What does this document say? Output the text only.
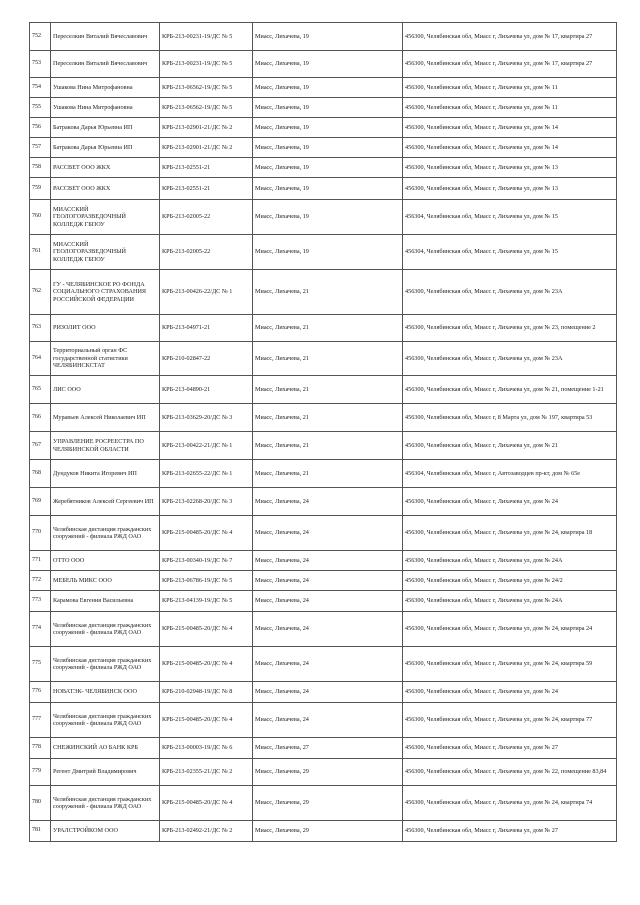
752	Переселкин Виталий Вячеславович	КРБ-213-00231-19/ДС № 5	Миасс, Лихачева, 19	456300, Челябинская обл, Миасс г, Лихачева ул, дом № 17, квартира 27
753	Переселкин Виталий Вячеславович	КРБ-213-00231-19/ДС № 5	Миасс, Лихачева, 19	456300, Челябинская обл, Миасс г, Лихачева ул, дом № 17, квартира 27
754	Ушакова Нина Митрофановна	КРБ-213-06562-19/ДС № 5	Миасс, Лихачева, 19	456300, Челябинская обл, Миасс г, Лихачева ул, дом № 11
755	Ушакова Нина Митрофановна	КРБ-213-06562-19/ДС № 5	Миасс, Лихачева, 19	456300, Челябинская обл, Миасс г, Лихачева ул, дом № 11
756	Батракова Дарья Юрьевна ИП	КРБ-213-02901-21/ДС № 2	Миасс, Лихачева, 19	456300, Челябинская обл, Миасс г, Лихачева ул, дом № 14
757	Батракова Дарья Юрьевна ИП	КРБ-213-02901-21/ДС № 2	Миасс, Лихачева, 19	456300, Челябинская обл, Миасс г, Лихачева ул, дом № 14
758	РАССВЕТ ООО ЖКХ	КРБ-213-02551-21	Миасс, Лихачева, 19	456300, Челябинская обл, Миасс г, Лихачева ул, дом № 13
759	РАССВЕТ ООО ЖКХ	КРБ-213-02551-21	Миасс, Лихачева, 19	456300, Челябинская обл, Миасс г, Лихачева ул, дом № 13
760	МИАССКИЙ ГЕОЛОГОРАЗВЕДОЧНЫЙ КОЛЛЕДЖ ГБПОУ	КРБ-213-02005-22	Миасс, Лихачева, 19	456304, Челябинская обл, Миасс г, Лихачева ул, дом № 15
761	МИАССКИЙ ГЕОЛОГОРАЗВЕДОЧНЫЙ КОЛЛЕДЖ ГБПОУ	КРБ-213-02005-22	Миасс, Лихачева, 19	456304, Челябинская обл, Миасс г, Лихачева ул, дом № 15
762	ГУ - ЧЕЛЯБИНСКОЕ РО ФОНДА СОЦИАЛЬНОГО СТРАХОВАНИЯ РОССИЙСКОЙ ФЕДЕРАЦИИ	КРБ-213-00426-22/ДС № 1	Миасс, Лихачева, 21	456300, Челябинская обл, Миасс г, Лихачева ул, дом № 23А
763	РИЗОЛИТ ООО	КРБ-213-04971-21	Миасс, Лихачева, 21	456300, Челябинская обл, Миасс г, Лихачева ул, дом № 23, помещение 2
764	Территориальный орган ФС государственной статистики ЧЕЛЯБИНСКСТАТ	КРБ-210-02847-22	Миасс, Лихачева, 21	456300, Челябинская обл, Миасс г, Лихачева ул, дом № 23А
765	ЛИС ООО	КРБ-213-04890-21	Миасс, Лихачева, 21	456300, Челябинская обл, Миасс г, Лихачева ул, дом № 21, помещение 1-21
766	Муравьев Алексей Николаевич ИП	КРБ-213-03629-20/ДС № 3	Миасс, Лихачева, 21	456300, Челябинская обл, Миасс г, 8 Марта ул, дом № 197, квартира 53
767	УПРАВЛЕНИЕ РОСРЕЕСТРА ПО ЧЕЛЯБИНСКОЙ ОБЛАСТИ	КРБ-213-00422-21/ДС № 1	Миасс, Лихачева, 21	456300, Челябинская обл, Миасс г, Лихачева ул, дом № 21
768	Дундуков Никита Игоревич ИП	КРБ-213-02655-22/ДС № 1	Миасс, Лихачева, 21	456304, Челябинская обл, Миасс г, Автозаводцев пр-кт, дом № 65е
769	Жеребятников Алексей Сергеевич ИП	КРБ-213-02268-20/ДС № 3	Миасс, Лихачева, 24	456300, Челябинская обл, Миасс г, Лихачева ул, дом № 24
770	Челябинская дистанция гражданских сооружений - филиала РЖД ОАО	КРБ-215-00485-20/ДС № 4	Миасс, Лихачева, 24	456300, Челябинская обл, Миасс г, Лихачева ул, дом № 24, квартира 18
771	ОТТО ООО	КРБ-213-00340-19/ДС № 7	Миасс, Лихачева, 24	456300, Челябинская обл, Миасс г, Лихачева ул, дом № 24А
772	МЕБЕЛЬ МИКС ООО	КРБ-213-06786-19/ДС № 5	Миасс, Лихачева, 24	456300, Челябинская обл, Миасс г, Лихачева ул, дом № 24/2
773	Карамова Евгения Васильевна	КРБ-213-04139-19/ДС № 5	Миасс, Лихачева, 24	456300, Челябинская обл, Миасс г, Лихачева ул, дом № 24А
774	Челябинская дистанция гражданских сооружений - филиала РЖД ОАО	КРБ-215-00485-20/ДС № 4	Миасс, Лихачева, 24	456300, Челябинская обл, Миасс г, Лихачева ул, дом № 24, квартира 24
775	Челябинская дистанция гражданских сооружений - филиала РЖД ОАО	КРБ-215-00485-20/ДС № 4	Миасс, Лихачева, 24	456300, Челябинская обл, Миасс г, Лихачева ул, дом № 24, квартира 59
776	НОВАТЭК- ЧЕЛЯБИНСК ООО	КРБ-210-02948-19/ДС № 8	Миасс, Лихачева, 24	456300, Челябинская обл, Миасс г, Лихачева ул, дом № 24
777	Челябинская дистанция гражданских сооружений - филиала РЖД ОАО	КРБ-215-00485-20/ДС № 4	Миасс, Лихачева, 24	456300, Челябинская обл, Миасс г, Лихачева ул, дом № 24, квартира 77
778	СНЕЖИНСКИЙ АО БАНК КРБ	КРБ-213-00003-19/ДС № 6	Миасс, Лихачева, 27	456300, Челябинская обл, Миасс г, Лихачева ул, дом № 27
779	Регент Дмитрий Владимирович	КРБ-213-02355-21/ДС № 2	Миасс, Лихачева, 29	456300, Челябинская обл, Миасс г, Лихачева ул, дом № 22, помещение 83,84
780	Челябинская дистанция гражданских сооружений - филиала РЖД ОАО	КРБ-215-00485-20/ДС № 4	Миасс, Лихачева, 29	456300, Челябинская обл, Миасс г, Лихачева ул, дом № 24, квартира 74
781	УРАЛСТРОЙКОМ ООО	КРБ-213-02492-21/ДС № 2	Миасс, Лихачева, 29	456300, Челябинская обл, Миасс г, Лихачева ул, дом № 27
